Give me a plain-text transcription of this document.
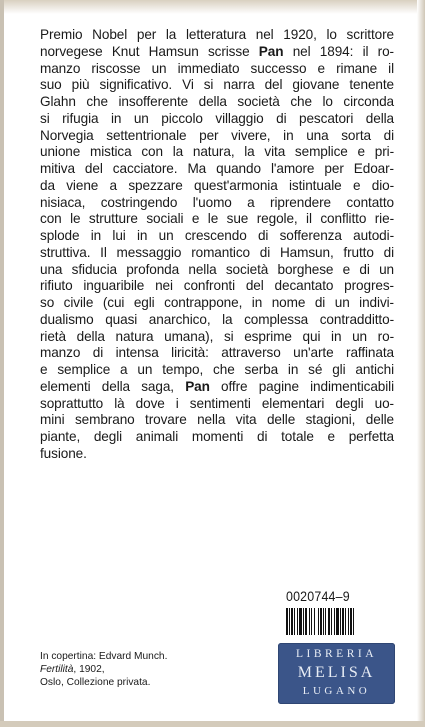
Premio Nobel per la letteratura nel 1920, lo scrittore
norvegese Knut Hamsun scrisse Pan nel 1894: il ro-
manzo riscosse un immediato successo e rimane il
suo più significativo. Vi si narra del giovane tenente
Glahn che insofferente della società che lo circonda
si rifugia in un piccolo villaggio di pescatori della
Norvegia settentrionale per vivere, in una sorta di
unione mistica con la natura, la vita semplice e pri-
mitiva del cacciatore. Ma quando l'amore per Edoar-
da viene a spezzare quest'armonia istintuale e dio-
nisiaca, costringendo l'uomo a riprendere contatto
con le strutture sociali e le sue regole, il conflitto rie-
splode in lui in un crescendo di sofferenza autodi-
struttiva. Il messaggio romantico di Hamsun, frutto di
una sfiducia profonda nella società borghese e di un
rifiuto inguaribile nei confronti del decantato progres-
so civile (cui egli contrappone, in nome di un indivi-
dualismo quasi anarchico, la complessa contradditto-
rietà della natura umana), si esprime qui in un ro-
manzo di intensa liricità: attraverso un'arte raffinata
e semplice a un tempo, che serba in sé gli antichi
elementi della saga, Pan offre pagine indimenticabili
soprattutto là dove i sentimenti elementari degli uo-
mini sembrano trovare nella vita delle stagioni, delle
piante, degli animali momenti di totale e perfetta
fusione.
0020744–9
In copertina: Edvard Munch.
Fertilità, 1902,
Oslo, Collezione privata.
LIBRERIA
MELISA
LUGANO
